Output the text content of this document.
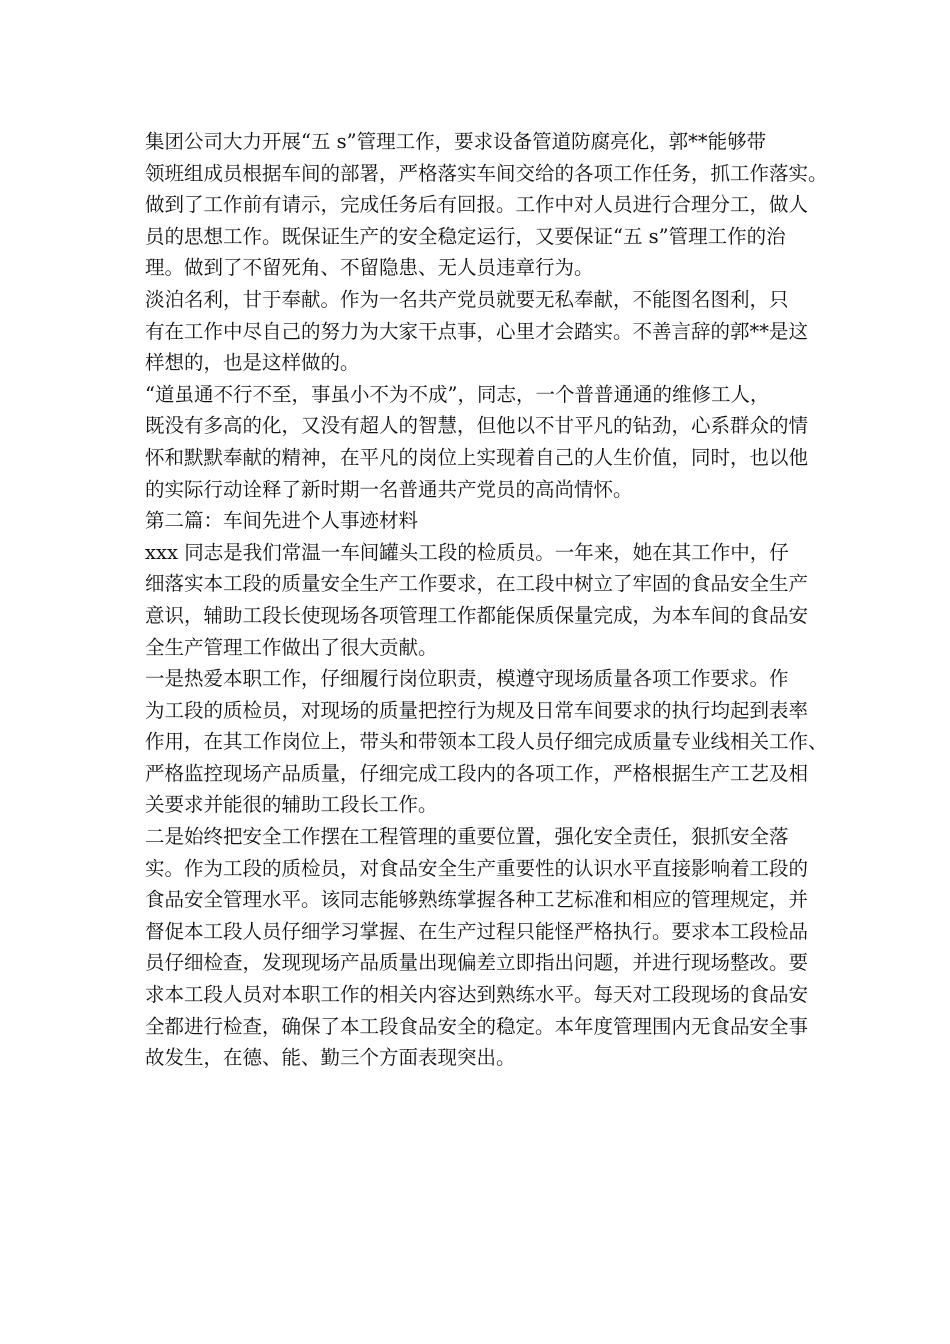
集团公司大力开展“五 s”管理工作，要求设备管道防腐亮化，郭**能够带
领班组成员根据车间的部署，严格落实车间交给的各项工作任务，抓工作落实。
做到了工作前有请示，完成任务后有回报。工作中对人员进行合理分工，做人
员的思想工作。既保证生产的安全稳定运行，又要保证“五 s”管理工作的治
理。做到了不留死角、不留隐患、无人员违章行为。

淡泊名利，甘于奉献。作为一名共产党员就要无私奉献，不能图名图利，只
有在工作中尽自己的努力为大家干点事，心里才会踏实。不善言辞的郭**是这
样想的，也是这样做的。

“道虽通不行不至，事虽小不为不成”，同志，一个普普通通的维修工人，
既没有多高的化，又没有超人的智慧，但他以不甘平凡的钻劲，心系群众的情
怀和默默奉献的精神，在平凡的岗位上实现着自己的人生价值，同时，也以他
的实际行动诠释了新时期一名普通共产党员的高尚情怀。

第二篇：车间先进个人事迹材料

xxx 同志是我们常温一车间罐头工段的检质员。一年来，她在其工作中，仔
细落实本工段的质量安全生产工作要求，在工段中树立了牢固的食品安全生产
意识，辅助工段长使现场各项管理工作都能保质保量完成，为本车间的食品安
全生产管理工作做出了很大贡献。

一是热爱本职工作，仔细履行岗位职责，模遵守现场质量各项工作要求。作
为工段的质检员，对现场的质量把控行为规及日常车间要求的执行均起到表率
作用，在其工作岗位上，带头和带领本工段人员仔细完成质量专业线相关工作、
严格监控现场产品质量，仔细完成工段内的各项工作，严格根据生产工艺及相
关要求并能很的辅助工段长工作。

二是始终把安全工作摆在工程管理的重要位置，强化安全责任，狠抓安全落
实。作为工段的质检员，对食品安全生产重要性的认识水平直接影响着工段的
食品安全管理水平。该同志能够熟练掌握各种工艺标准和相应的管理规定，并
督促本工段人员仔细学习掌握、在生产过程只能怪严格执行。要求本工段检品
员仔细检查，发现现场产品质量出现偏差立即指出问题，并进行现场整改。要
求本工段人员对本职工作的相关内容达到熟练水平。每天对工段现场的食品安
全都进行检查，确保了本工段食品安全的稳定。本年度管理围内无食品安全事
故发生，在德、能、勤三个方面表现突出。
